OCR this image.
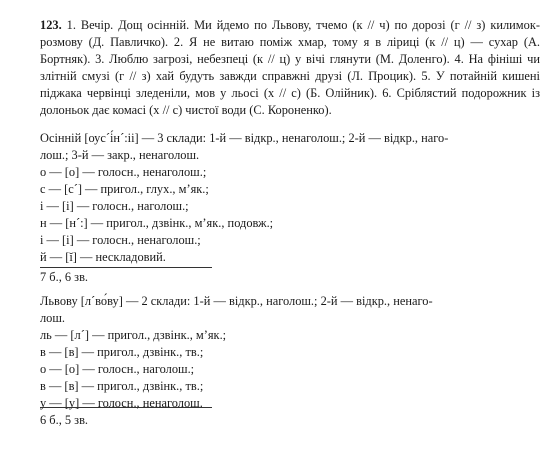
123. 1. Вечір. Дощ осінній. Ми йдемо по Львову, тчемо (к // ч) по дорозі (г // з) килимок-розмову (Д. Павличко). 2. Я не витаю поміж хмар, тому я в ліриці (к // ц) — сухар (А. Бортняк). 3. Люблю загрозі, небезпеці (к // ц) у вічі глянути (М. Доленго). 4. На фініші чи злітній смузі (г // з) хай будуть завжди справжні друзі (Л. Процик). 5. У потайній кишені піджака червінці зледеніли, мов у льосі (х // с) (Б. Олійник). 6. Сріблястий подорожник із долоньок дає комасі (х // с) чистої води (С. Короненко).
Осінній [оус´і́н´:іі] — 3 склади: 1-й — відкр., ненаголош.; 2-й — відкр., наго-
лош.; 3-й — закр., ненаголош.
о — [о] — голосн., ненаголош.;
с — [с´] — пригол., глух., м’як.;
і — [і] — голосн., наголош.;
н — [н´:] — пригол., дзвінк., м’як., подовж.;
і — [і] — голосн., ненаголош.;
й — [ĭ] — нескладовий.
7 б., 6 зв.
Львову [л´во́ву] — 2 склади: 1-й — відкр., наголош.; 2-й — відкр., ненаго-
лош.
ль — [л´] — пригол., дзвінк., м’як.;
в — [в] — пригол., дзвінк., тв.;
о — [о] — голосн., наголош.;
в — [в] — пригол., дзвінк., тв.;
у — [у] — голосн., ненаголош.
6 б., 5 зв.
